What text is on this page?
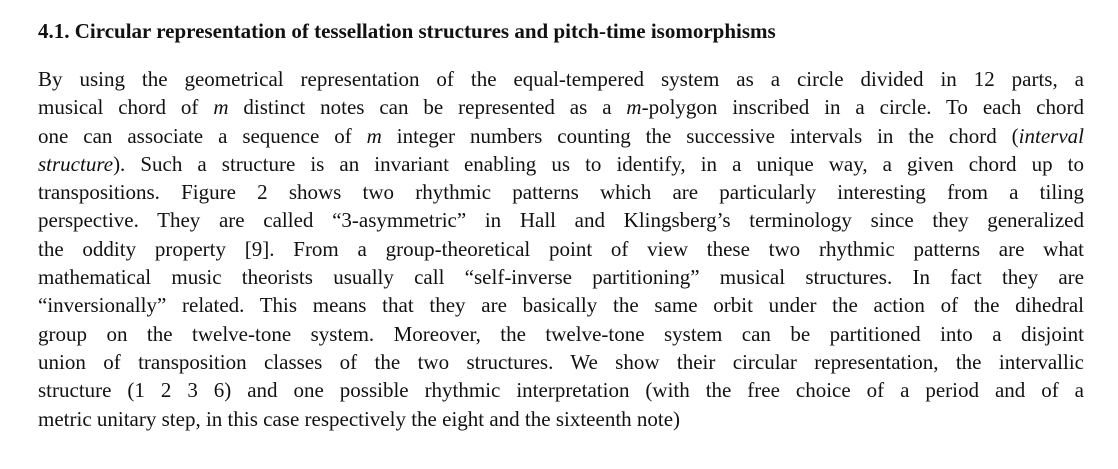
4.1. Circular representation of tessellation structures and pitch-time isomorphisms
By using the geometrical representation of the equal-tempered system as a circle divided in 12 parts, a
musical chord of m distinct notes can be represented as a m-polygon inscribed in a circle. To each chord
one can associate a sequence of m integer numbers counting the successive intervals in the chord (interval
structure). Such a structure is an invariant enabling us to identify, in a unique way, a given chord up to
transpositions. Figure 2 shows two rhythmic patterns which are particularly interesting from a tiling
perspective. They are called “3-asymmetric” in Hall and Klingsberg’s terminology since they generalized
the oddity property [9]. From a group-theoretical point of view these two rhythmic patterns are what
mathematical music theorists usually call “self-inverse partitioning” musical structures. In fact they are
“inversionally” related. This means that they are basically the same orbit under the action of the dihedral
group on the twelve-tone system. Moreover, the twelve-tone system can be partitioned into a disjoint
union of transposition classes of the two structures. We show their circular representation, the intervallic
structure (1 2 3 6) and one possible rhythmic interpretation (with the free choice of a period and of a
metric unitary step, in this case respectively the eight and the sixteenth note)
